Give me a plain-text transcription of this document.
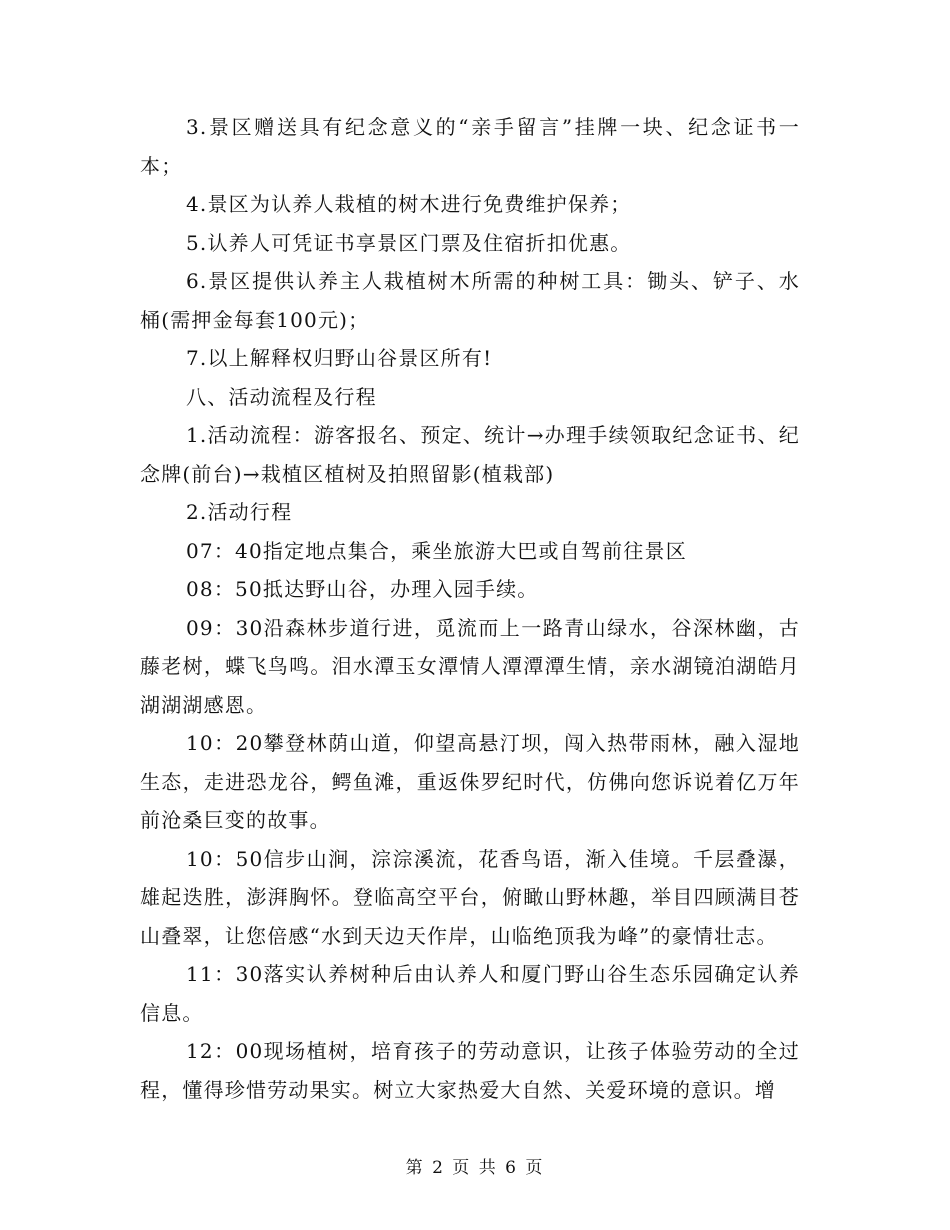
3.景区赠送具有纪念意义的“亲手留言”挂牌一块、纪念证书一本；

4.景区为认养人栽植的树木进行免费维护保养；

5.认养人可凭证书享景区门票及住宿折扣优惠。

6.景区提供认养主人栽植树木所需的种树工具：锄头、铲子、水桶(需押金每套100元)；

7.以上解释权归野山谷景区所有!

八、活动流程及行程

1.活动流程：游客报名、预定、统计→办理手续领取纪念证书、纪念牌(前台)→栽植区植树及拍照留影(植栽部)

2.活动行程

07：40指定地点集合，乘坐旅游大巴或自驾前往景区

08：50抵达野山谷，办理入园手续。

09：30沿森林步道行进，觅流而上一路青山绿水，谷深林幽，古藤老树，蝶飞鸟鸣。泪水潭玉女潭情人潭潭潭生情，亲水湖镜泊湖皓月湖湖湖感恩。

10：20攀登林荫山道，仰望高悬汀坝，闯入热带雨林，融入湿地生态，走进恐龙谷，鳄鱼滩，重返侏罗纪时代，仿佛向您诉说着亿万年前沧桑巨变的故事。

10：50信步山涧，淙淙溪流，花香鸟语，渐入佳境。千层叠瀑，雄起迭胜，澎湃胸怀。登临高空平台，俯瞰山野林趣，举目四顾满目苍山叠翠，让您倍感“水到天边天作岸，山临绝顶我为峰”的豪情壮志。

11：30落实认养树种后由认养人和厦门野山谷生态乐园确定认养信息。

12：00现场植树，培育孩子的劳动意识，让孩子体验劳动的全过程，懂得珍惜劳动果实。树立大家热爱大自然、关爱环境的意识。增

第 2 页 共 6 页
